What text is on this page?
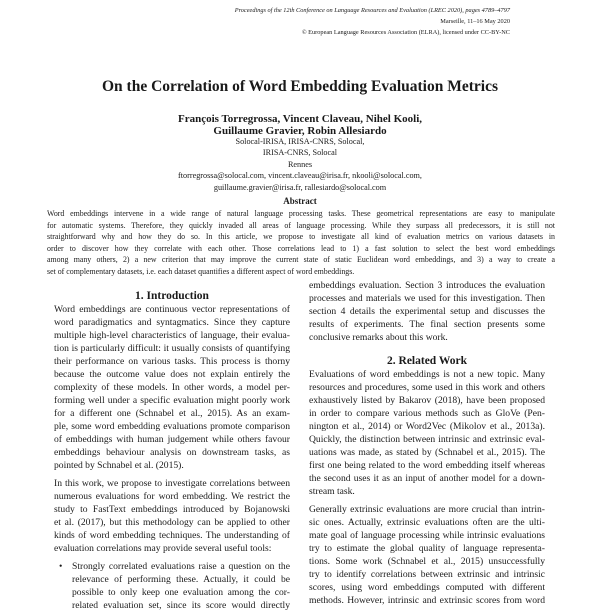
Proceedings of the 12th Conference on Language Resources and Evaluation (LREC 2020), pages 4789–4797
Marseille, 11–16 May 2020
© European Language Resources Association (ELRA), licensed under CC-BY-NC
On the Correlation of Word Embedding Evaluation Metrics
François Torregrossa, Vincent Claveau, Nihel Kooli,
Guillaume Gravier, Robin Allesiardo
Solocal-IRISA, IRISA-CNRS, Solocal,
IRISA-CNRS, Solocal
Rennes
ftorregrossa@solocal.com, vincent.claveau@irisa.fr, nkooli@solocal.com,
guillaume.gravier@irisa.fr, rallesiardo@solocal.com
Abstract
Word embeddings intervene in a wide range of natural language processing tasks. These geometrical representations are easy to manipulate
for automatic systems. Therefore, they quickly invaded all areas of language processing. While they surpass all predecessors, it is still not
straightforward why and how they do so. In this article, we propose to investigate all kind of evaluation metrics on various datasets in
order to discover how they correlate with each other. Those correlations lead to 1) a fast solution to select the best word embeddings
among many others, 2) a new criterion that may improve the current state of static Euclidean word embeddings, and 3) a way to create a
set of complementary datasets, i.e. each dataset quantifies a different aspect of word embeddings.
1. Introduction
Word embeddings are continuous vector representations of
word paradigmatics and syntagmatics. Since they capture
multiple high-level characteristics of language, their evalua-
tion is particularly difficult: it usually consists of quantifying
their performance on various tasks. This process is thorny
because the outcome value does not explain entirely the
complexity of these models. In other words, a model per-
forming well under a specific evaluation might poorly work
for a different one (Schnabel et al., 2015). As an exam-
ple, some word embedding evaluations promote comparison
of embeddings with human judgement while others favour
embeddings behaviour analysis on downstream tasks, as
pointed by Schnabel et al. (2015).
In this work, we propose to investigate correlations between
numerous evaluations for word embedding. We restrict the
study to FastText embeddings introduced by Bojanowski
et al. (2017), but this methodology can be applied to other
kinds of word embedding techniques. The understanding of
evaluation correlations may provide several useful tools:
• Strongly correlated evaluations raise a question on the
relevance of performing these. Actually, it could be
possible to only keep one evaluation among the cor-
related evaluation set, since its score would directly
embeddings evaluation. Section 3 introduces the evaluation
processes and materials we used for this investigation. Then
section 4 details the experimental setup and discusses the
results of experiments. The final section presents some
conclusive remarks about this work.
2. Related Work
Evaluations of word embeddings is not a new topic. Many
resources and procedures, some used in this work and others
exhaustively listed by Bakarov (2018), have been proposed
in order to compare various methods such as GloVe (Pen-
nington et al., 2014) or Word2Vec (Mikolov et al., 2013a).
Quickly, the distinction between intrinsic and extrinsic eval-
uations was made, as stated by (Schnabel et al., 2015). The
first one being related to the word embedding itself whereas
the second uses it as an input of another model for a down-
stream task.
Generally extrinsic evaluations are more crucial than intrin-
sic ones. Actually, extrinsic evaluations often are the ulti-
mate goal of language processing while intrinsic evaluations
try to estimate the global quality of language representa-
tions. Some work (Schnabel et al., 2015) unsuccessfully
try to identify correlations between extrinsic and intrinsic
scores, using word embeddings computed with different
methods. However, intrinsic and extrinsic scores from word
